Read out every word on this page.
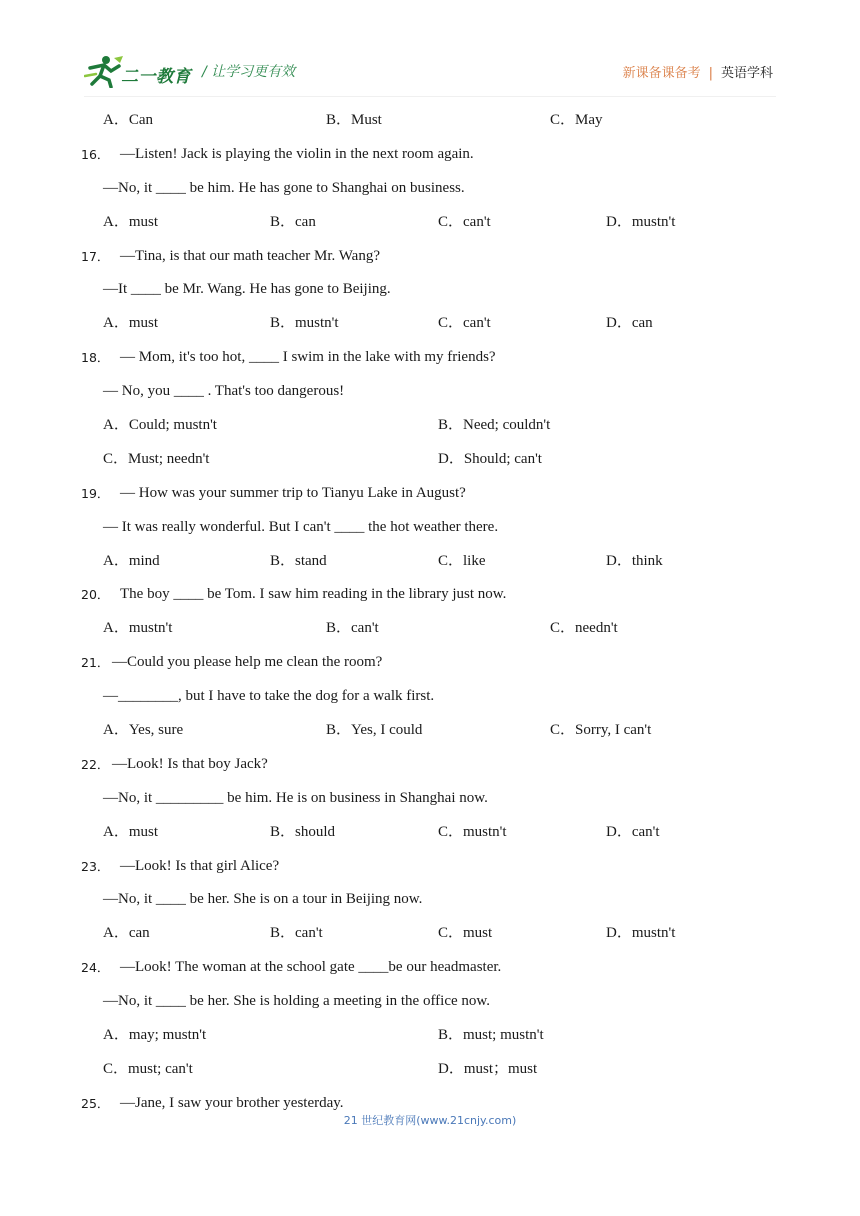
二一教育 / 让学习更有效	新课备课备考 | 英语学科
A．Can	B．Must	C．May
16． —Listen! Jack is playing the violin in the next room again.
—No, it ____ be him. He has gone to Shanghai on business.
A．must	B．can	C．can't	D．mustn't
17． —Tina, is that our math teacher Mr. Wang?
—It ____ be Mr. Wang. He has gone to Beijing.
A．must	B．mustn't	C．can't	D．can
18． — Mom, it's too hot, ____ I swim in the lake with my friends?
— No, you ____ . That's too dangerous!
A．Could; mustn't	B．Need; couldn't
C．Must; needn't	D．Should; can't
19． — How was your summer trip to Tianyu Lake in August?
— It was really wonderful. But I can't ____ the hot weather there.
A．mind	B．stand	C．like	D．think
20． The boy ____ be Tom. I saw him reading in the library just now.
A．mustn't	B．can't	C．needn't
21． —Could you please help me clean the room?
—________, but I have to take the dog for a walk first.
A．Yes, sure	B．Yes, I could	C．Sorry, I can't
22． —Look! Is that boy Jack?
—No, it _________ be him. He is on business in Shanghai now.
A．must	B．should	C．mustn't	D．can't
23． —Look! Is that girl Alice?
—No, it ____ be her. She is on a tour in Beijing now.
A．can	B．can't	C．must	D．mustn't
24． —Look! The woman at the school gate ____be our headmaster.
—No, it ____ be her. She is holding a meeting in the office now.
A．may; mustn't	B．must; mustn't
C．must; can't	D．must；must
25． —Jane, I saw your brother yesterday.
21 世纪教育网(www.21cnjy.com)
